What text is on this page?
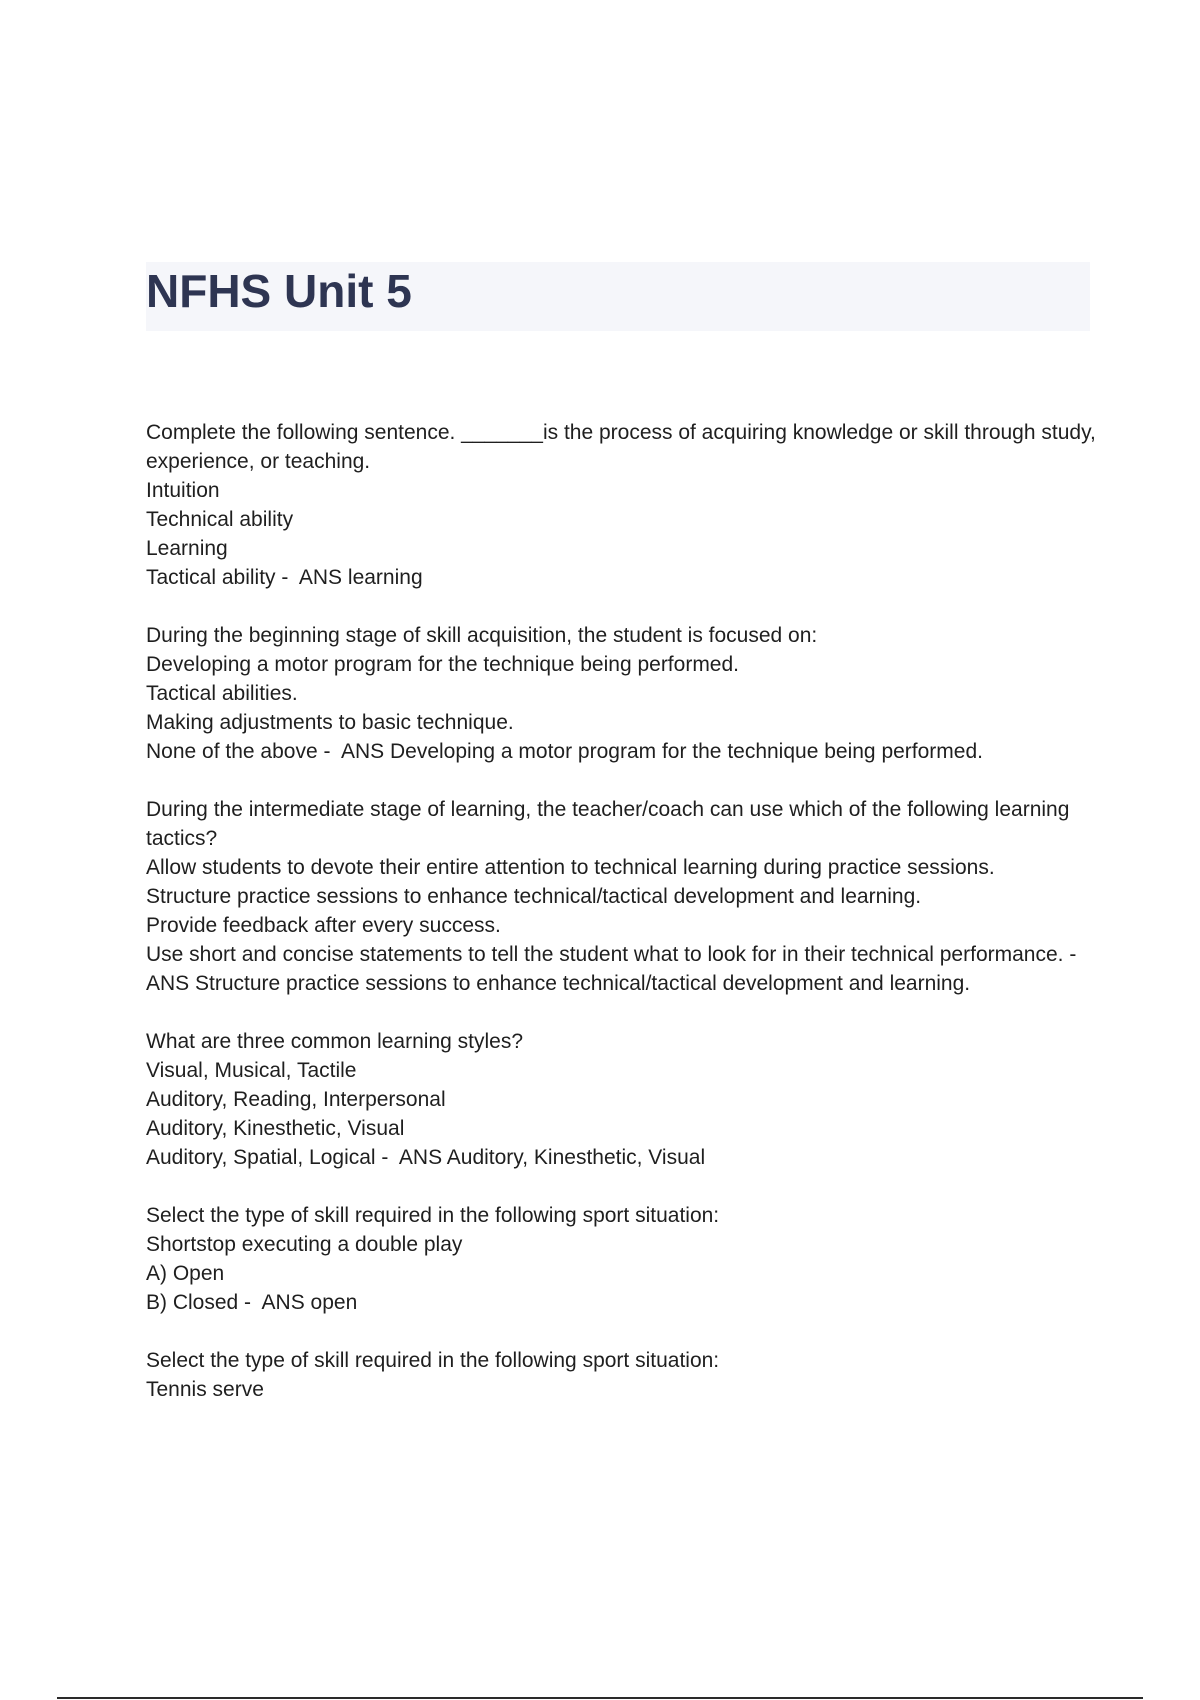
NFHS Unit 5
Complete the following sentence. _______is the process of acquiring knowledge or skill through study, experience, or teaching.
Intuition
Technical ability
Learning
Tactical ability -  ANS learning
During the beginning stage of skill acquisition, the student is focused on:
Developing a motor program for the technique being performed.
Tactical abilities.
Making adjustments to basic technique.
None of the above -  ANS Developing a motor program for the technique being performed.
During the intermediate stage of learning, the teacher/coach can use which of the following learning tactics?
Allow students to devote their entire attention to technical learning during practice sessions.
Structure practice sessions to enhance technical/tactical development and learning.
Provide feedback after every success.
Use short and concise statements to tell the student what to look for in their technical performance. -  ANS Structure practice sessions to enhance technical/tactical development and learning.
What are three common learning styles?
Visual, Musical, Tactile
Auditory, Reading, Interpersonal
Auditory, Kinesthetic, Visual
Auditory, Spatial, Logical -  ANS Auditory, Kinesthetic, Visual
Select the type of skill required in the following sport situation:
Shortstop executing a double play
A) Open
B) Closed -  ANS open
Select the type of skill required in the following sport situation:
Tennis serve
